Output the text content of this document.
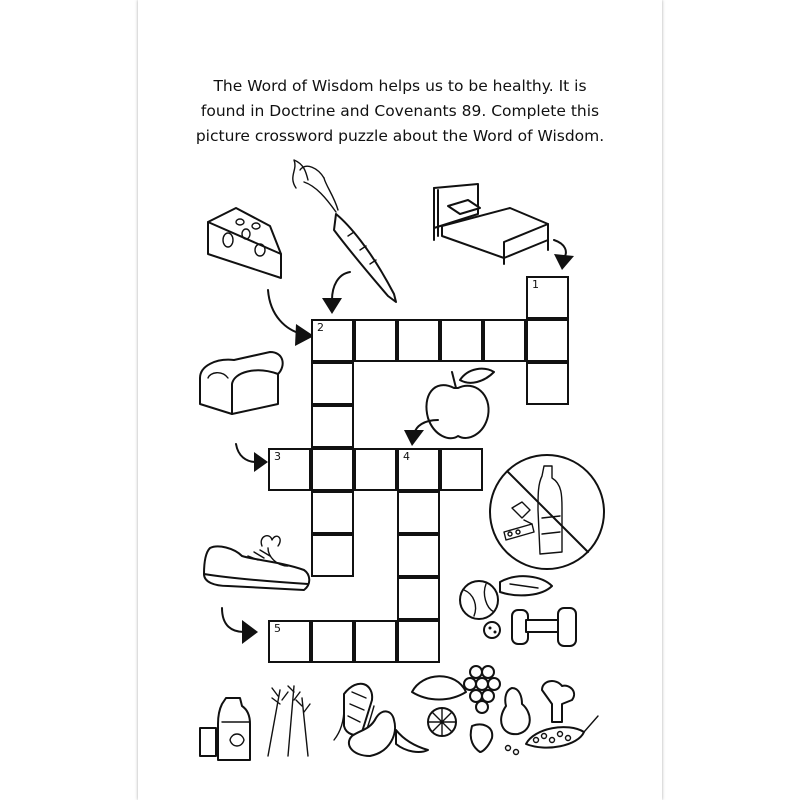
The Word of Wisdom helps us to be healthy. It is
found in Doctrine and Covenants 89. Complete this
picture crossword puzzle about the Word of Wisdom.
1
2
3	4
5
